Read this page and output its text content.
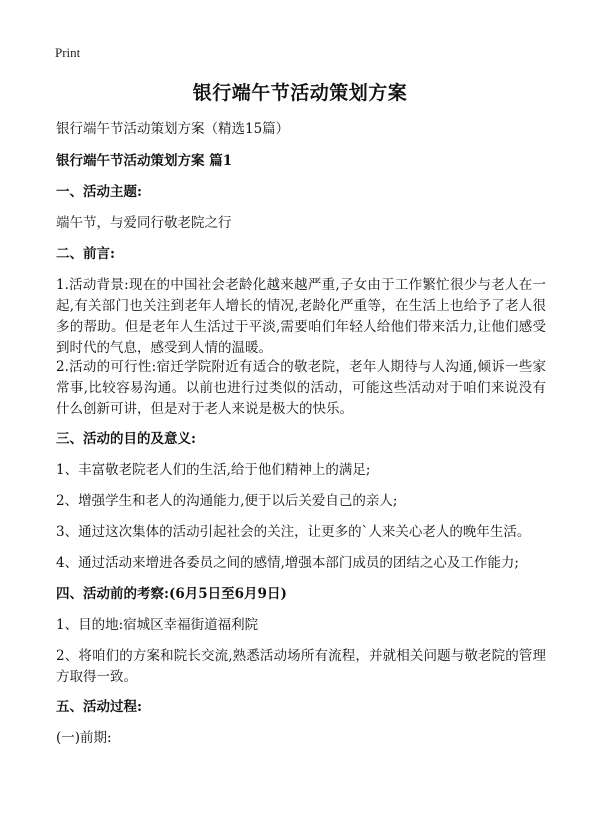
Print
银行端午节活动策划方案

银行端午节活动策划方案（精选15篇）

银行端午节活动策划方案 篇1

一、活动主题:

端午节，与爱同行敬老院之行

二、前言:

1.活动背景:现在的中国社会老龄化越来越严重,子女由于工作繁忙很少与老人在一起,有关部门也关注到老年人增长的情况,老龄化严重等，在生活上也给予了老人很多的帮助。但是老年人生活过于平淡,需要咱们年轻人给他们带来活力,让他们感受到时代的气息，感受到人情的温暖。

2.活动的可行性:宿迁学院附近有适合的敬老院，老年人期待与人沟通,倾诉一些家常事,比较容易沟通。以前也进行过类似的活动，可能这些活动对于咱们来说没有什么创新可讲，但是对于老人来说是极大的快乐。

三、活动的目的及意义:

1、丰富敬老院老人们的生活,给于他们精神上的满足;

2、增强学生和老人的沟通能力,便于以后关爱自己的亲人;

3、通过这次集体的活动引起社会的关注，让更多的`人来关心老人的晚年生活。

4、通过活动来增进各委员之间的感情,增强本部门成员的团结之心及工作能力;

四、活动前的考察:(6月5日至6月9日)

1、目的地:宿城区幸福街道福利院

2、将咱们的方案和院长交流,熟悉活动场所有流程，并就相关问题与敬老院的管理方取得一致。

五、活动过程:

(一)前期:
